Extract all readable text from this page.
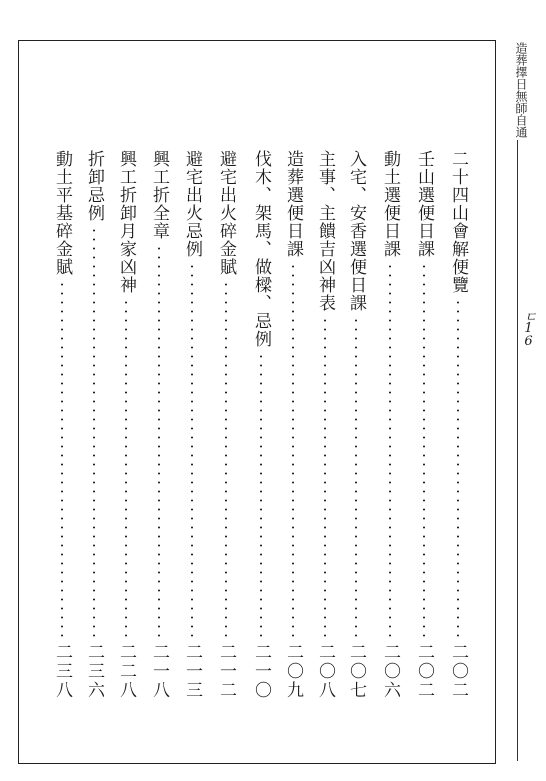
造葬擇日無師自通
ㄷ16
二十四山會解便覽
二〇二
壬山選便日課
二〇二
動土選便日課
二〇六
入宅、安香選便日課
二〇七
主事、主饋吉凶神表
二〇八
造葬選便日課
二〇九
伐木、架馬、做樑、忌例
二一〇
避宅出火碎金賦
二一二
避宅出火忌例
二一三
興工折全章
二一八
興工折卸月家凶神
二二八
折卸忌例
二三六
動土平基碎金賦
二三八
